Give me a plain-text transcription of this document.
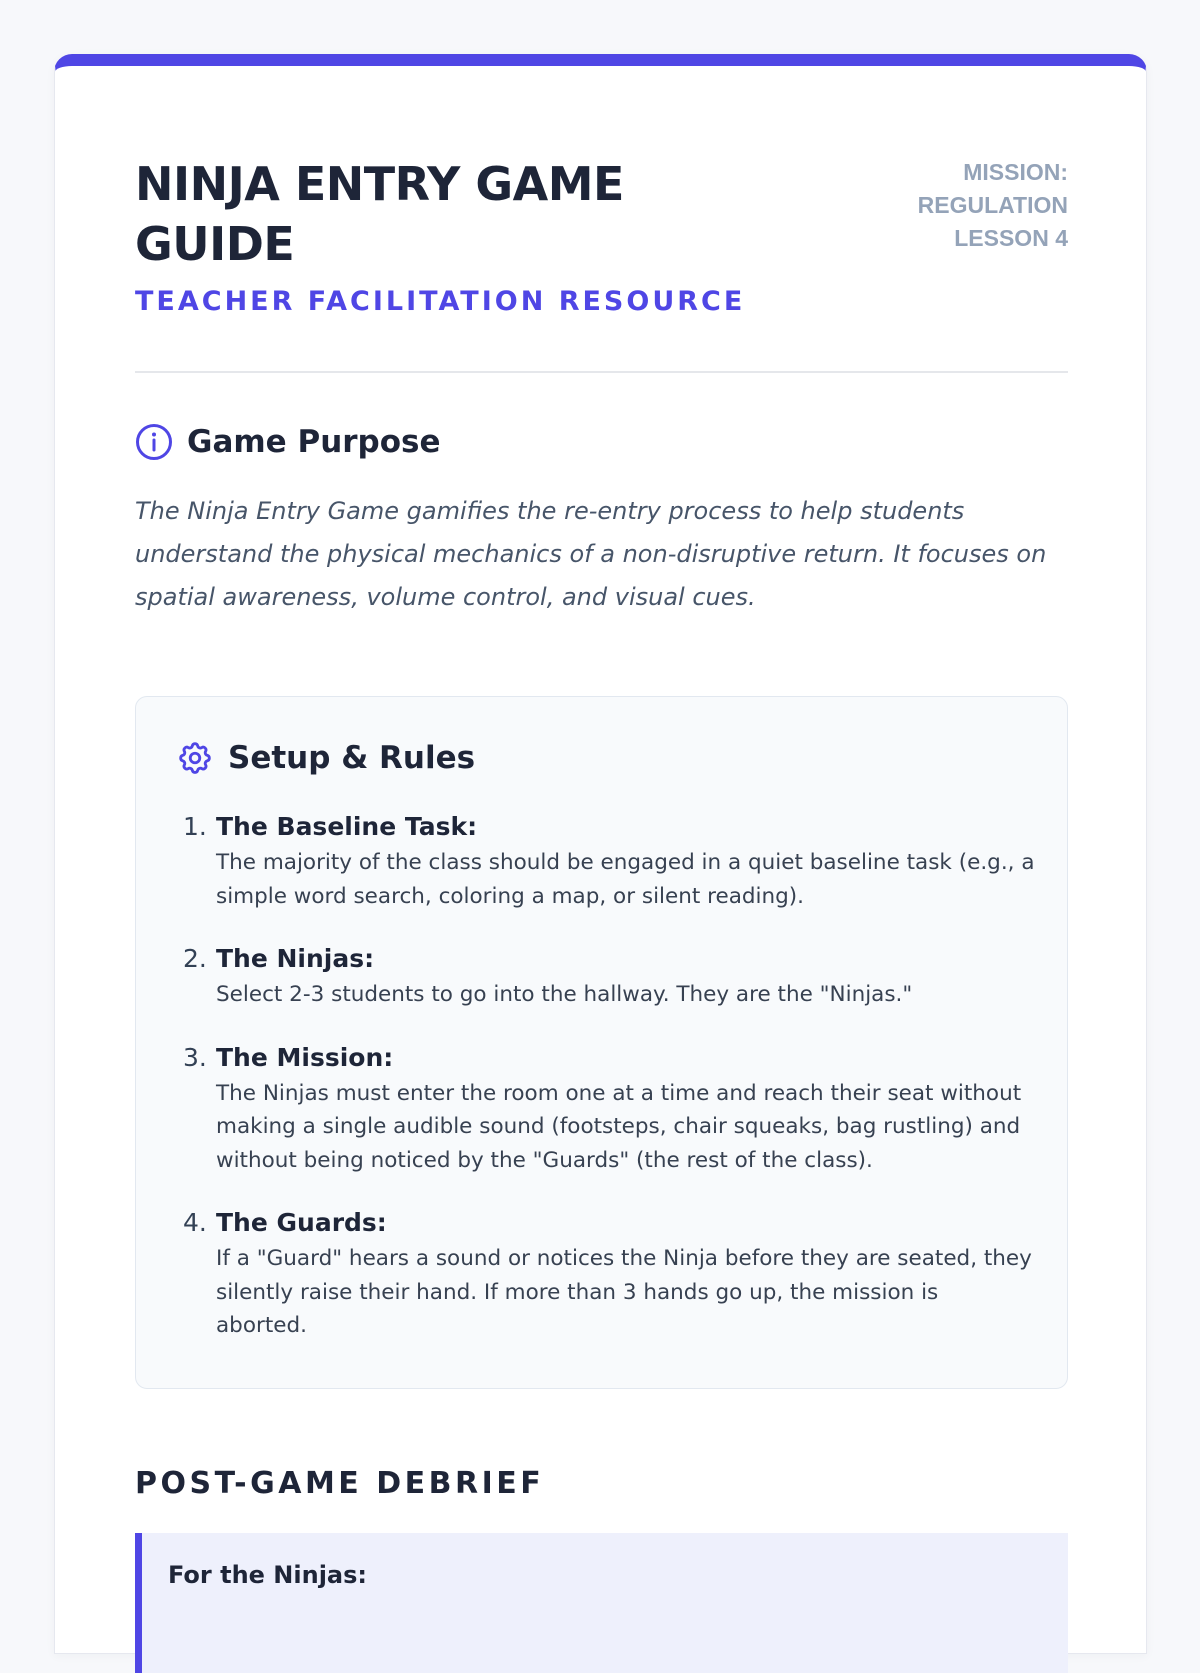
NINJA ENTRY GAME GUIDE
TEACHER FACILITATION RESOURCE
MISSION: REGULATION LESSON 4
Game Purpose

The Ninja Entry Game gamifies the re-entry process to help students understand the physical mechanics of a non-disruptive return. It focuses on spatial awareness, volume control, and visual cues.

Setup & Rules
1. The Baseline Task:
The majority of the class should be engaged in a quiet baseline task (e.g., a simple word search, coloring a map, or silent reading).
2. The Ninjas:
Select 2-3 students to go into the hallway. They are the "Ninjas."
3. The Mission:
The Ninjas must enter the room one at a time and reach their seat without making a single audible sound (footsteps, chair squeaks, bag rustling) and without being noticed by the "Guards" (the rest of the class).
4. The Guards:
If a "Guard" hears a sound or notices the Ninja before they are seated, they silently raise their hand. If more than 3 hands go up, the mission is aborted.
POST-GAME DEBRIEF
For the Ninjas:
